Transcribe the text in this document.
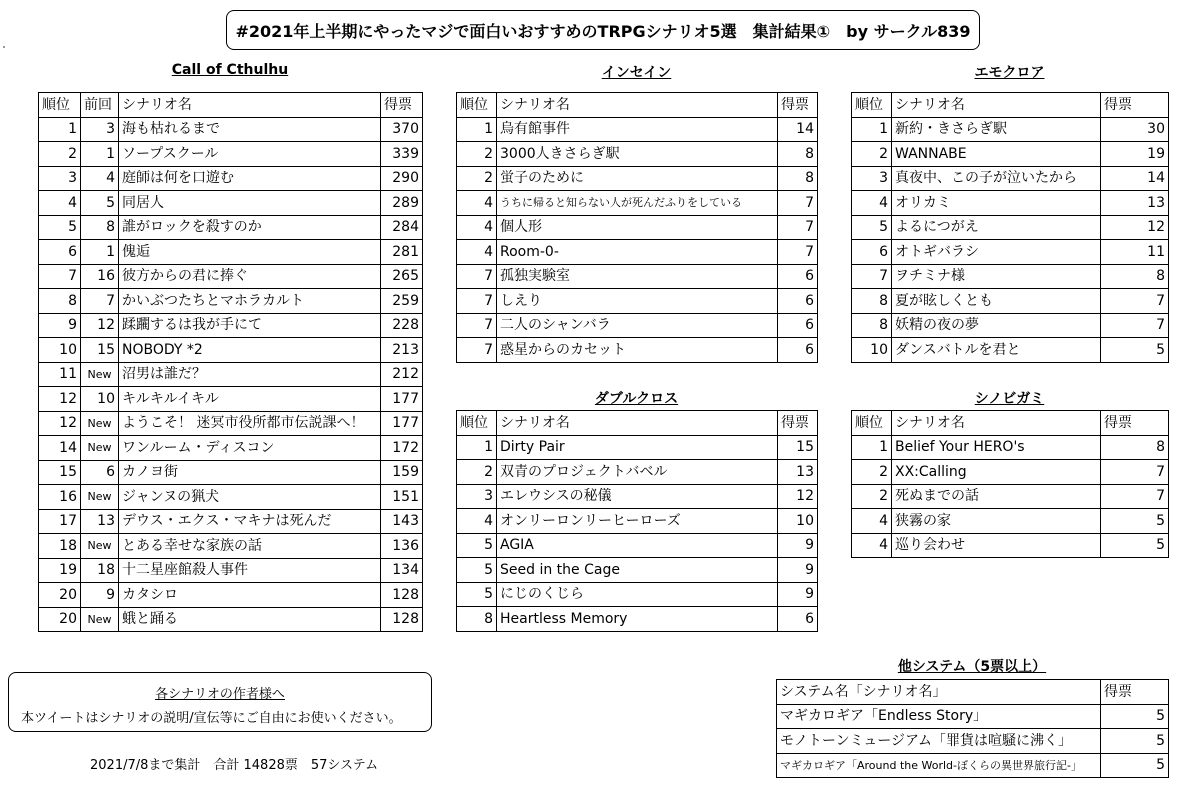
#2021年上半期にやったマジで面白いおすすめのTRPGシナリオ5選　集計結果①　by サークル839
Call of Cthulhu
順位	前回	シナリオ名	得票
1	3	海も枯れるまで	370
2	1	ソープスクール	339
3	4	庭師は何を口遊む	290
4	5	同居人	289
5	8	誰がロックを殺すのか	284
6	1	傀逅	281
7	16	彼方からの君に捧ぐ	265
8	7	かいぶつたちとマホラカルト	259
9	12	蹂躙するは我が手にて	228
10	15	NOBODY *2	213
11	New	沼男は誰だ？	212
12	10	キルキルイキル	177
12	New	ようこそ！ 迷冥市役所都市伝説課へ！	177
14	New	ワンルーム・ディスコン	172
15	6	カノヨ街	159
16	New	ジャンヌの猟犬	151
17	13	デウス・エクス・マキナは死んだ	143
18	New	とある幸せな家族の話	136
19	18	十二星座館殺人事件	134
20	9	カタシロ	128
20	New	蛾と踊る	128
インセイン
順位	シナリオ名	得票
1	烏有館事件	14
2	3000人きさらぎ駅	8
2	蛍子のために	8
4	うちに帰ると知らない人が死んだふりをしている	7
4	個人形	7
4	Room-0-	7
7	孤独実験室	6
7	しえり	6
7	二人のシャンバラ	6
7	惑星からのカセット	6
エモクロア
順位	シナリオ名	得票
1	新約・きさらぎ駅	30
2	WANNABE	19
3	真夜中、この子が泣いたから	14
4	オリカミ	13
5	よるにつがえ	12
6	オトギバラシ	11
7	ヲチミナ様	8
8	夏が眩しくとも	7
8	妖精の夜の夢	7
10	ダンスバトルを君と	5
ダブルクロス
順位	シナリオ名	得票
1	Dirty Pair	15
2	双青のプロジェクトバベル	13
3	エレウシスの秘儀	12
4	オンリーロンリーヒーローズ	10
5	AGIA	9
5	Seed in the Cage	9
5	にじのくじら	9
8	Heartless Memory	6
シノビガミ
順位	シナリオ名	得票
1	Belief Your HERO's	8
2	XX:Calling	7
2	死ぬまでの話	7
4	狭霧の家	5
4	巡り会わせ	5
他システム（5票以上）
システム名「シナリオ名」	得票
マギカロギア「Endless Story」	5
モノトーンミュージアム「罪貨は喧騒に沸く」	5
マギカロギア「Around the World-ぼくらの異世界旅行記-」	5
各シナリオの作者様へ
本ツイートはシナリオの説明/宣伝等にご自由にお使いください。
2021/7/8まで集計　合計 14828票　57システム
